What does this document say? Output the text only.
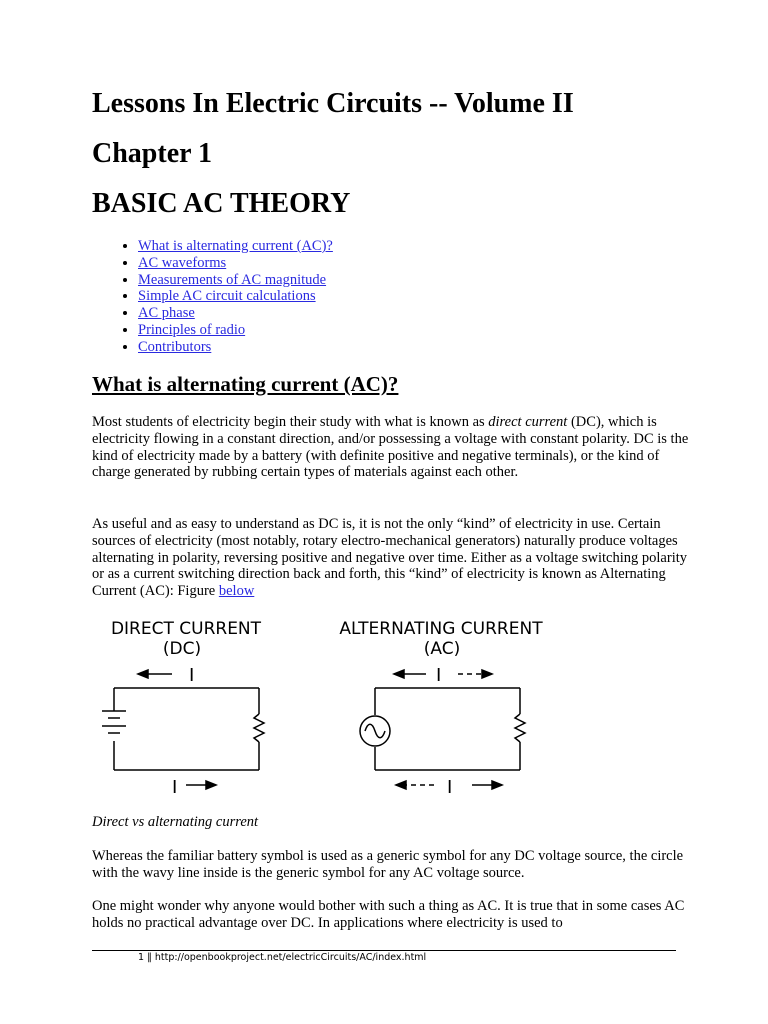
Lessons In Electric Circuits -- Volume II
Chapter 1
BASIC AC THEORY
• What is alternating current (AC)?
• AC waveforms
• Measurements of AC magnitude
• Simple AC circuit calculations
• AC phase
• Principles of radio
• Contributors
What is alternating current (AC)?

Most students of electricity begin their study with what is known as direct current (DC), which is electricity flowing in a constant direction, and/or possessing a voltage with constant polarity. DC is the kind of electricity made by a battery (with definite positive and negative terminals), or the kind of charge generated by rubbing certain types of materials against each other.

As useful and as easy to understand as DC is, it is not the only “kind” of electricity in use. Certain sources of electricity (most notably, rotary electro-mechanical generators) naturally produce voltages alternating in polarity, reversing positive and negative over time. Either as a voltage switching polarity or as a current switching direction back and forth, this “kind” of electricity is known as Alternating Current (AC): Figure below

DIRECT CURRENT
(DC)
ALTERNATING CURRENT
(AC)
I
I
I
I

Direct vs alternating current

Whereas the familiar battery symbol is used as a generic symbol for any DC voltage source, the circle with the wavy line inside is the generic symbol for any AC voltage source.

One might wonder why anyone would bother with such a thing as AC. It is true that in some cases AC holds no practical advantage over DC. In applications where electricity is used to

1 ‖ http://openbookproject.net/electricCircuits/AC/index.html
